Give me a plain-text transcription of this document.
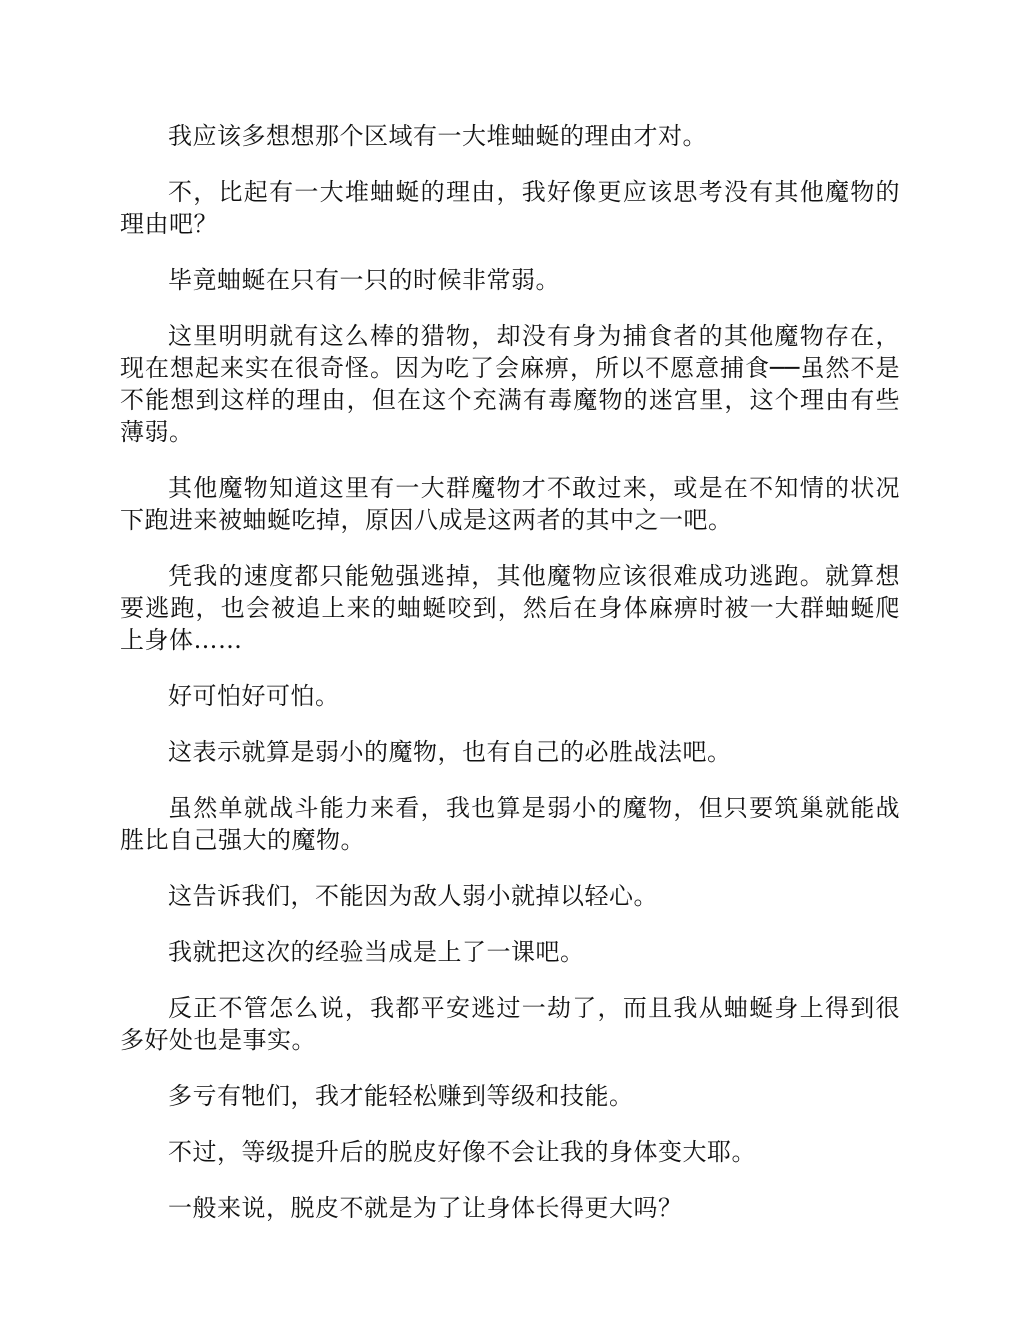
我应该多想想那个区域有一大堆蚰蜒的理由才对。

不，比起有一大堆蚰蜒的理由，我好像更应该思考没有其他魔物的理由吧？

毕竟蚰蜒在只有一只的时候非常弱。

这里明明就有这么棒的猎物，却没有身为捕食者的其他魔物存在，现在想起来实在很奇怪。因为吃了会麻痹，所以不愿意捕食──虽然不是不能想到这样的理由，但在这个充满有毒魔物的迷宫里，这个理由有些薄弱。

其他魔物知道这里有一大群魔物才不敢过来，或是在不知情的状况下跑进来被蚰蜒吃掉，原因八成是这两者的其中之一吧。

凭我的速度都只能勉强逃掉，其他魔物应该很难成功逃跑。就算想要逃跑，也会被追上来的蚰蜒咬到，然后在身体麻痹时被一大群蚰蜒爬上身体……

好可怕好可怕。

这表示就算是弱小的魔物，也有自己的必胜战法吧。

虽然单就战斗能力来看，我也算是弱小的魔物，但只要筑巢就能战胜比自己强大的魔物。

这告诉我们，不能因为敌人弱小就掉以轻心。

我就把这次的经验当成是上了一课吧。

反正不管怎么说，我都平安逃过一劫了，而且我从蚰蜒身上得到很多好处也是事实。

多亏有牠们，我才能轻松赚到等级和技能。

不过，等级提升后的脱皮好像不会让我的身体变大耶。

一般来说，脱皮不就是为了让身体长得更大吗？
